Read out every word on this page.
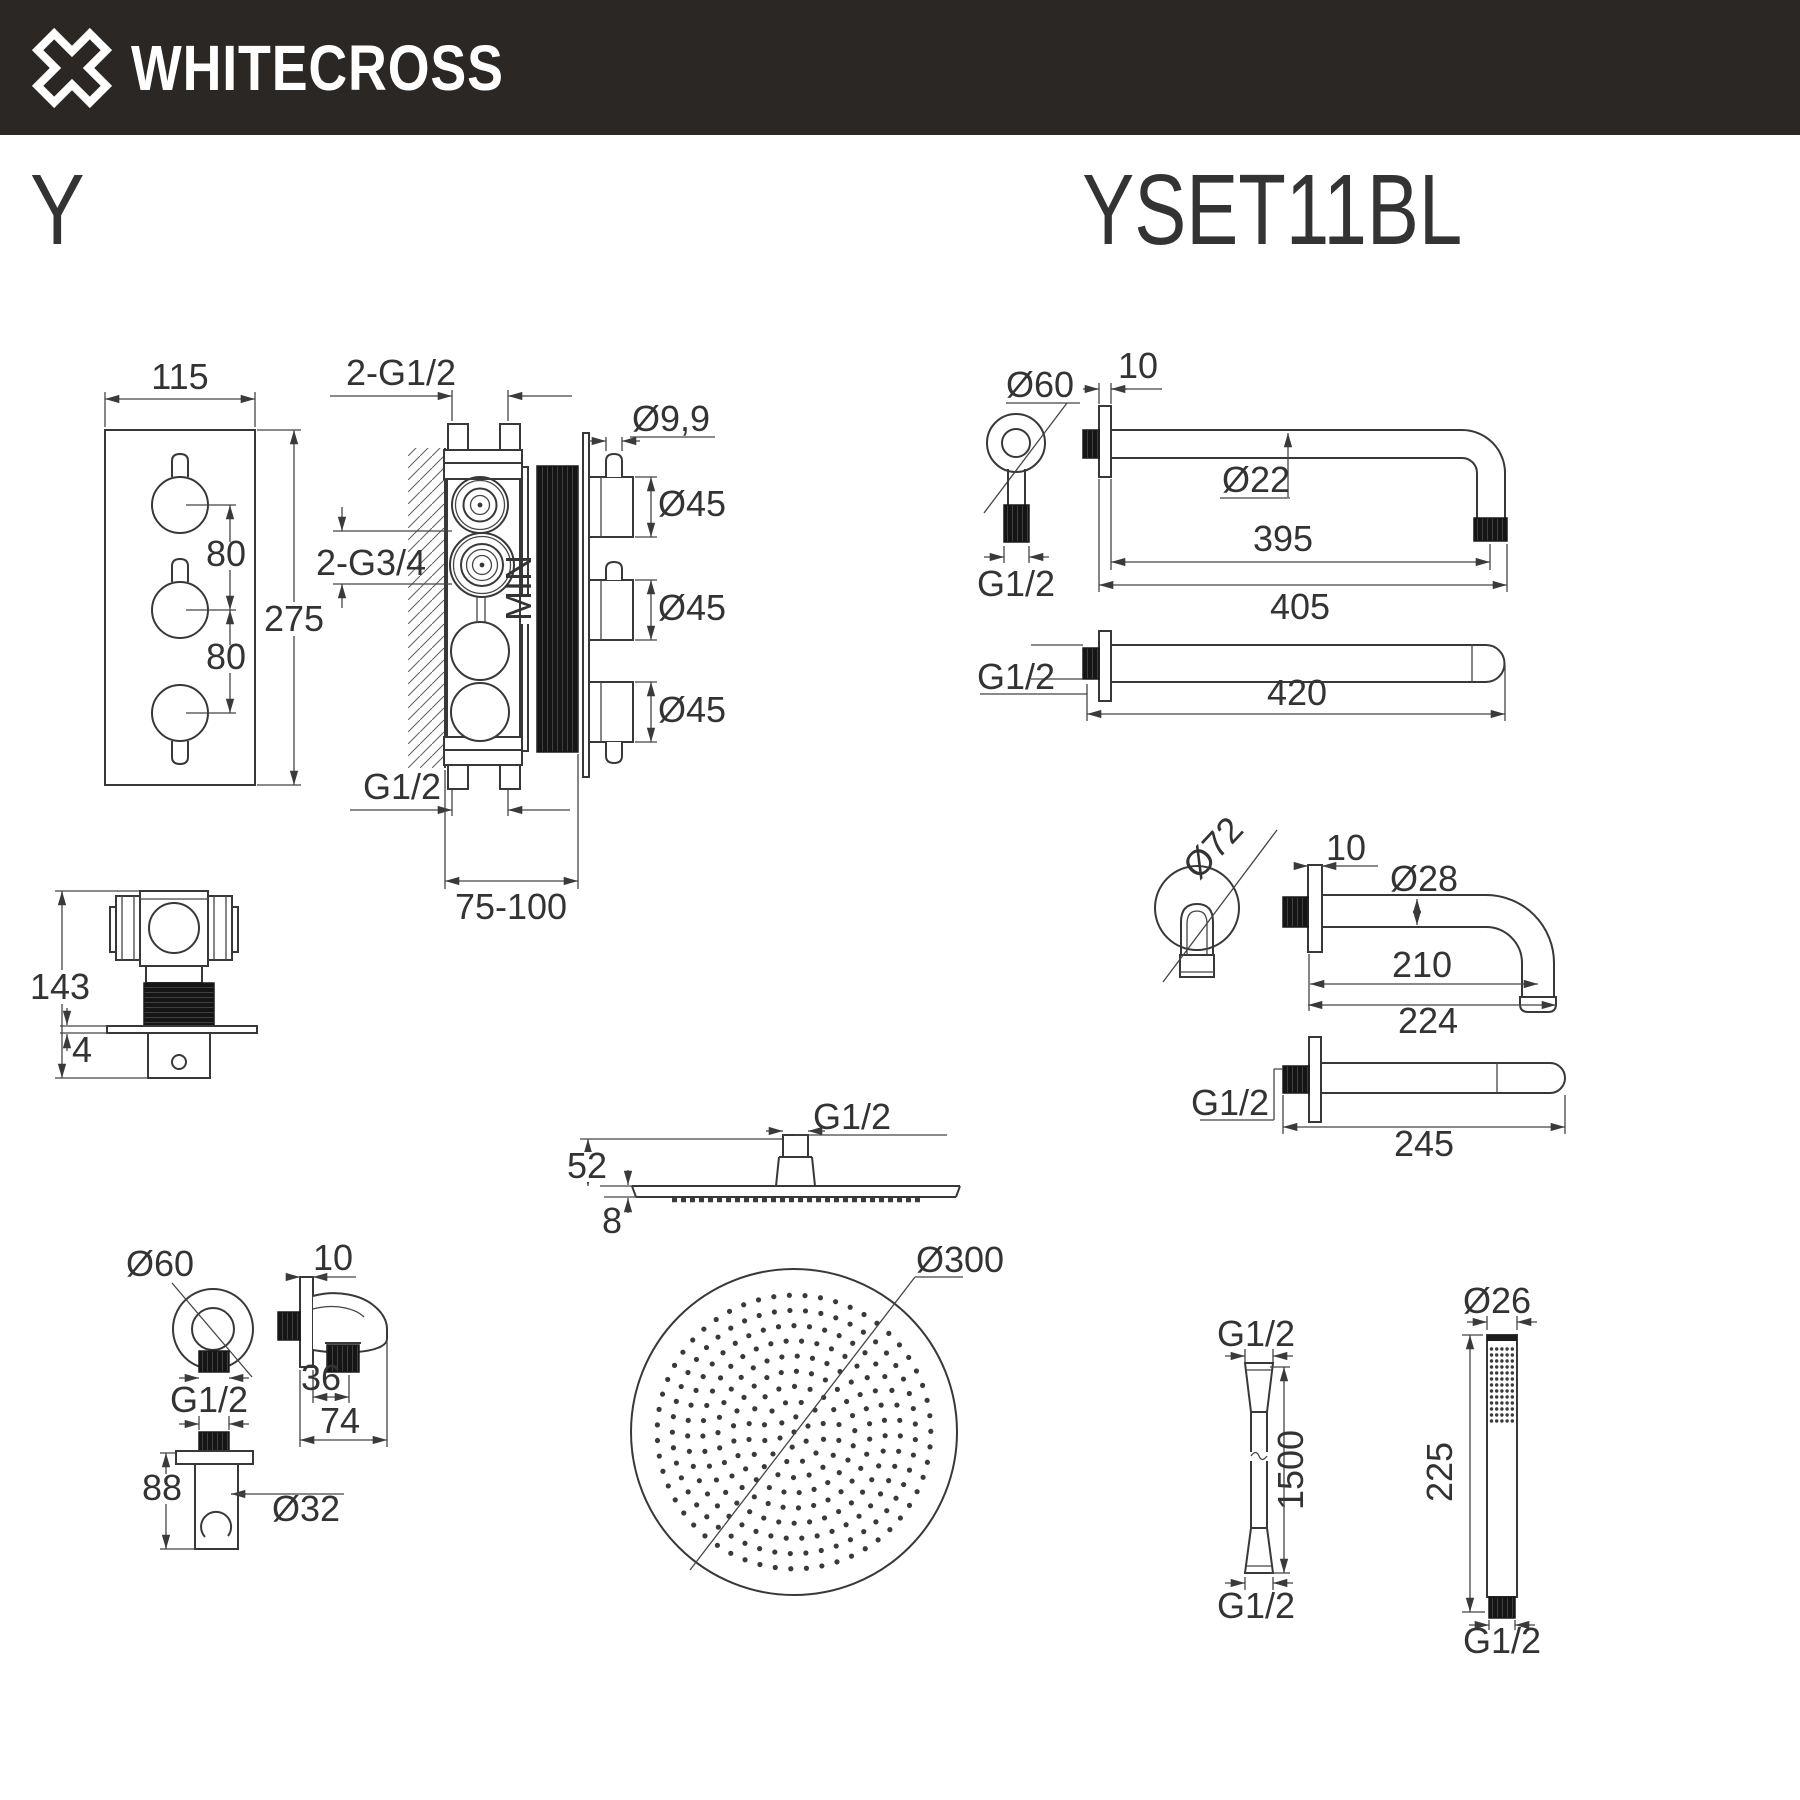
WHITECROSS
Y	YSET11BL
80
80
115
275	MIN
2-G1/2
2-G3/4
Ø9,9
Ø45
Ø45
Ø45
G1/2
75-100
143
4
Ø60
G1/2
10
Ø22
395
405
G1/2	420
Ø72 10
Ø28
210
224
G1/2
245
52
G1/2
8
Ø300
Ø60
G1/2
88
Ø32
10
36
74
G1/2
1500
G1/2
Ø26
225
G1/2
